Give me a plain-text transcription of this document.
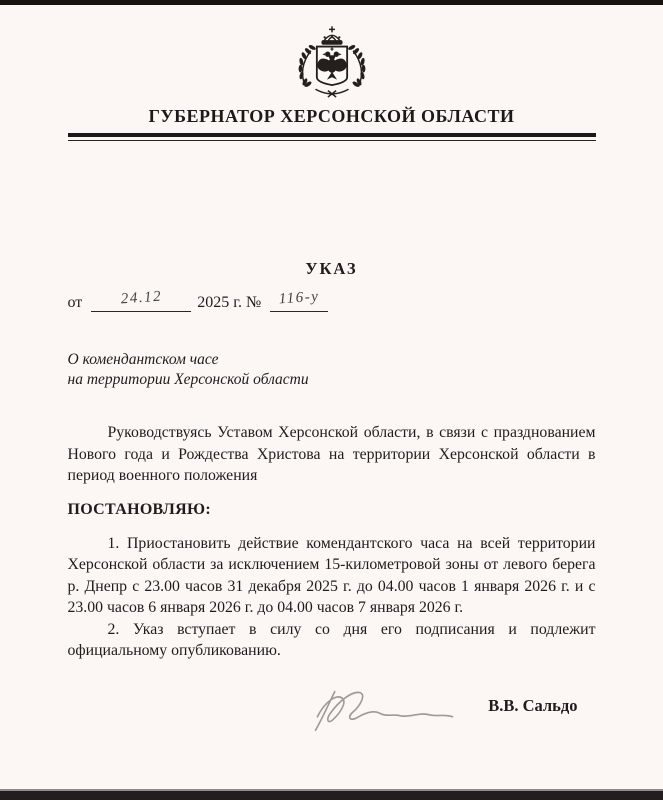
ГУБЕРНАТОР ХЕРСОНСКОЙ ОБЛАСТИ
УКАЗ
от	24.12 2025 г. № 116-у
О комендантском часе
на территории Херсонской области

Руководствуясь Уставом Херсонской области, в связи с празднованием Нового года и Рождества Христова на территории Херсонской области в период военного положения

ПОСТАНОВЛЯЮ:

1. Приостановить действие комендантского часа на всей территории Херсонской области за исключением 15-километровой зоны от левого берега р. Днепр с 23.00 часов 31 декабря 2025 г. до 04.00 часов 1 января 2026 г. и с 23.00 часов 6 января 2026 г. до 04.00 часов 7 января 2026 г.

2. Указ вступает в силу со дня его подписания и подлежит официальному опубликованию.

В.В. Сальдо
